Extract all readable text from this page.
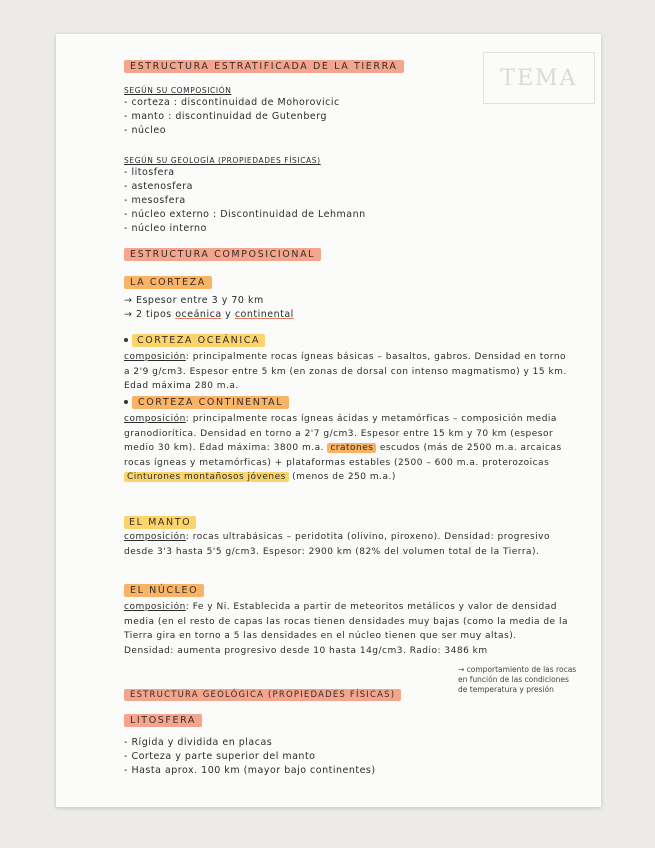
TEMA
ESTRUCTURA ESTRATIFICADA DE LA TIERRA
SEGÚN SU COMPOSICIÓN
- corteza : discontinuidad de Mohorovicic
- manto : discontinuidad de Gutenberg
- núcleo
SEGÚN SU GEOLOGÍA (PROPIEDADES FÍSICAS)
- litosfera
- astenosfera
- mesosfera
- núcleo externo : Discontinuidad de Lehmann
- núcleo interno
ESTRUCTURA COMPOSICIONAL
LA CORTEZA
→ Espesor entre 3 y 70 km
→ 2 tipos oceánica y continental
CORTEZA OCEÁNICA
composición: principalmente rocas ígneas básicas – basaltos, gabros. Densidad en torno a 2'9 g/cm3. Espesor entre 5 km (en zonas de dorsal con intenso magmatismo) y 15 km. Edad máxima 280 m.a.
CORTEZA CONTINENTAL
composición: principalmente rocas ígneas ácidas y metamórficas – composición media granodiorítica. Densidad en torno a 2'7 g/cm3. Espesor entre 15 km y 70 km (espesor medio 30 km). Edad máxima: 3800 m.a. cratones escudos (más de 2500 m.a. arcaicas rocas ígneas y metamórficas) + plataformas estables (2500 – 600 m.a. proterozoicas Cinturones montañosos jóvenes (menos de 250 m.a.)
EL MANTO
composición: rocas ultrabásicas – peridotita (olivino, piroxeno). Densidad: progresivo desde 3'3 hasta 5'5 g/cm3. Espesor: 2900 km (82% del volumen total de la Tierra).
EL NÚCLEO
composición: Fe y Ni. Establecida a partir de meteoritos metálicos y valor de densidad media (en el resto de capas las rocas tienen densidades muy bajas (como la media de la Tierra gira en torno a 5 las densidades en el núcleo tienen que ser muy altas). Densidad: aumenta progresivo desde 10 hasta 14g/cm3. Radio: 3486 km
ESTRUCTURA GEOLÓGICA (PROPIEDADES FÍSICAS)
LITOSFERA
- Rígida y dividida en placas
- Corteza y parte superior del manto
- Hasta aprox. 100 km (mayor bajo continentes)
→ comportamiento de las rocas en función de las condiciones de temperatura y presión
